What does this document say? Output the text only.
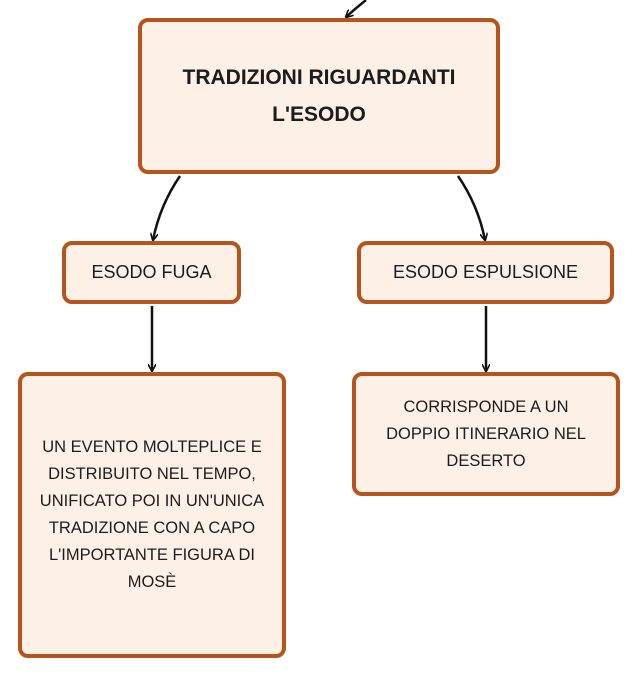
TRADIZIONI RIGUARDANTI
L'ESODO
ESODO FUGA	ESODO ESPULSIONE
UN EVENTO MOLTEPLICE E DISTRIBUITO NEL TEMPO, UNIFICATO POI IN UN'UNICA TRADIZIONE CON A CAPO L'IMPORTANTE FIGURA DI MOSÈ
CORRISPONDE A UN DOPPIO ITINERARIO NEL DESERTO
